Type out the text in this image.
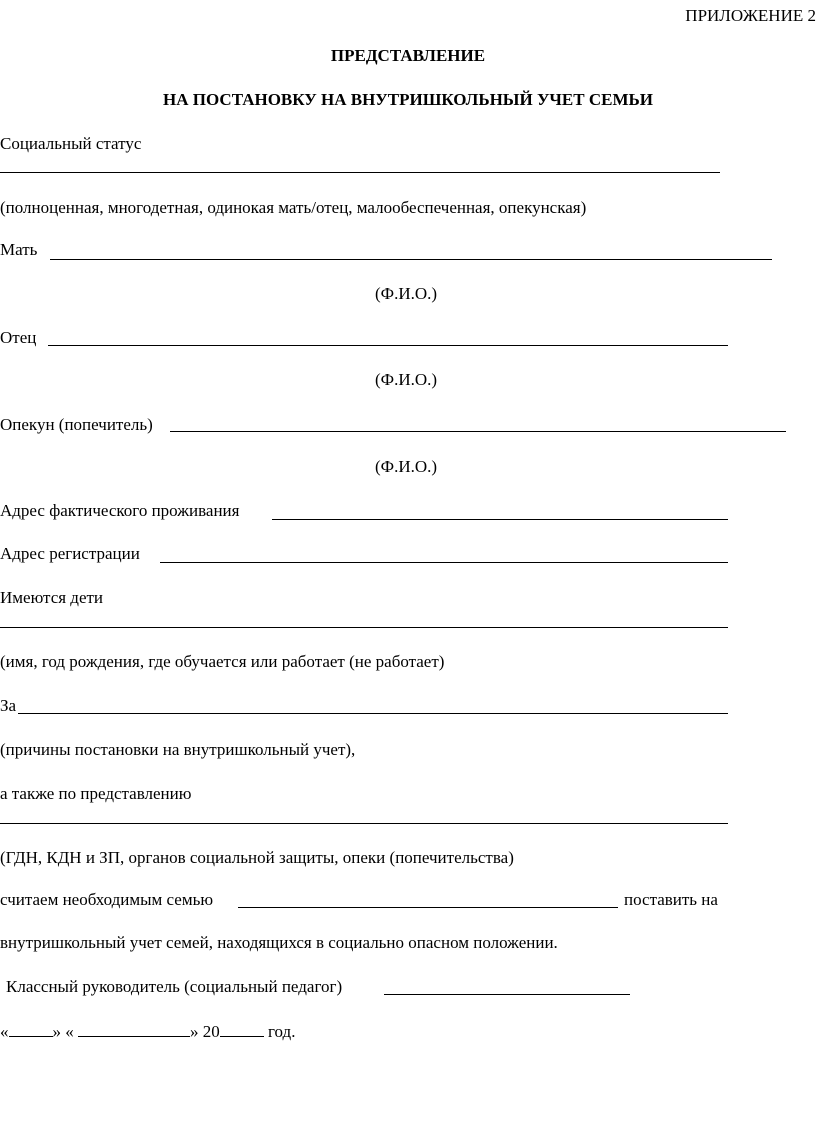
ПРИЛОЖЕНИЕ 2
ПРЕДСТАВЛЕНИЕ
НА ПОСТАНОВКУ НА ВНУТРИШКОЛЬНЫЙ УЧЕТ СЕМЬИ
Социальный статус
(полноценная, многодетная, одинокая мать/отец, малообеспеченная, опекунская)
Мать
(Ф.И.О.)
Отец
(Ф.И.О.)
Опекун (попечитель)
(Ф.И.О.)
Адрес фактического проживания
Адрес регистрации
Имеются дети
(имя, год рождения, где обучается или работает (не работает)
За
(причины постановки на внутришкольный учет),
а также по представлению
(ГДН, КДН и ЗП, органов социальной защиты, опеки (попечительства)
считаем необходимым семью	поставить на
внутришкольный учет семей, находящихся в социально опасном положении.
Классный руководитель (социальный педагог)
«	» «	» 20	год.
